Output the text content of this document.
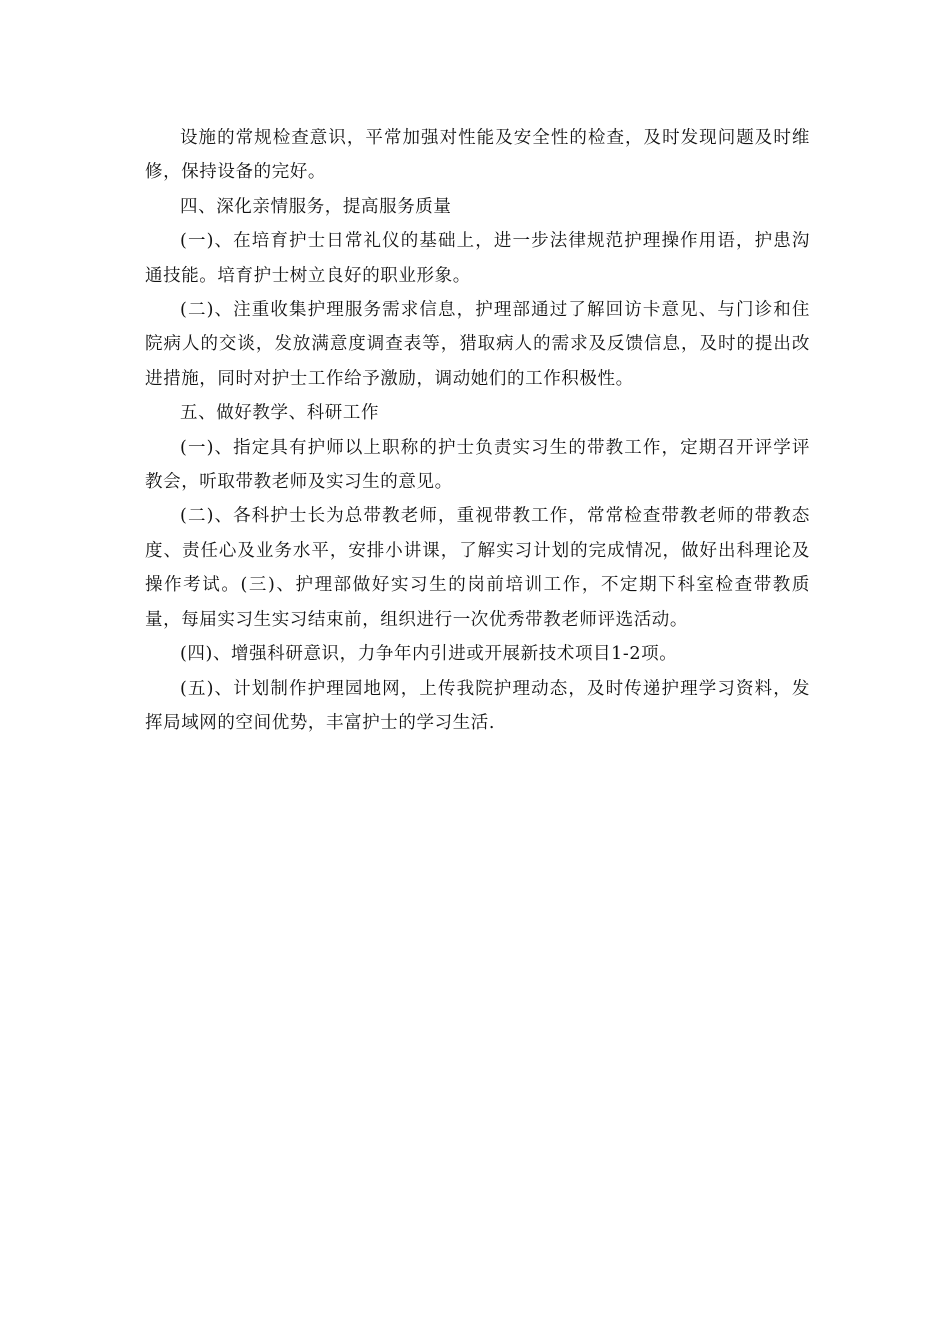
设施的常规检查意识，平常加强对性能及安全性的检查，及时发现问题及时维修，保持设备的完好。

四、深化亲情服务，提高服务质量

(一)、在培育护士日常礼仪的基础上，进一步法律规范护理操作用语，护患沟通技能。培育护士树立良好的职业形象。

(二)、注重收集护理服务需求信息，护理部通过了解回访卡意见、与门诊和住院病人的交谈，发放满意度调查表等，猎取病人的需求及反馈信息，及时的提出改进措施，同时对护士工作给予激励，调动她们的工作积极性。

五、做好教学、科研工作

(一)、指定具有护师以上职称的护士负责实习生的带教工作，定期召开评学评教会，听取带教老师及实习生的意见。

(二)、各科护士长为总带教老师，重视带教工作，常常检查带教老师的带教态度、责任心及业务水平，安排小讲课，了解实习计划的完成情况，做好出科理论及操作考试。(三)、护理部做好实习生的岗前培训工作，不定期下科室检查带教质量，每届实习生实习结束前，组织进行一次优秀带教老师评选活动。

(四)、增强科研意识，力争年内引进或开展新技术项目1-2项。

(五)、计划制作护理园地网，上传我院护理动态，及时传递护理学习资料，发挥局域网的空间优势，丰富护士的学习生活.
